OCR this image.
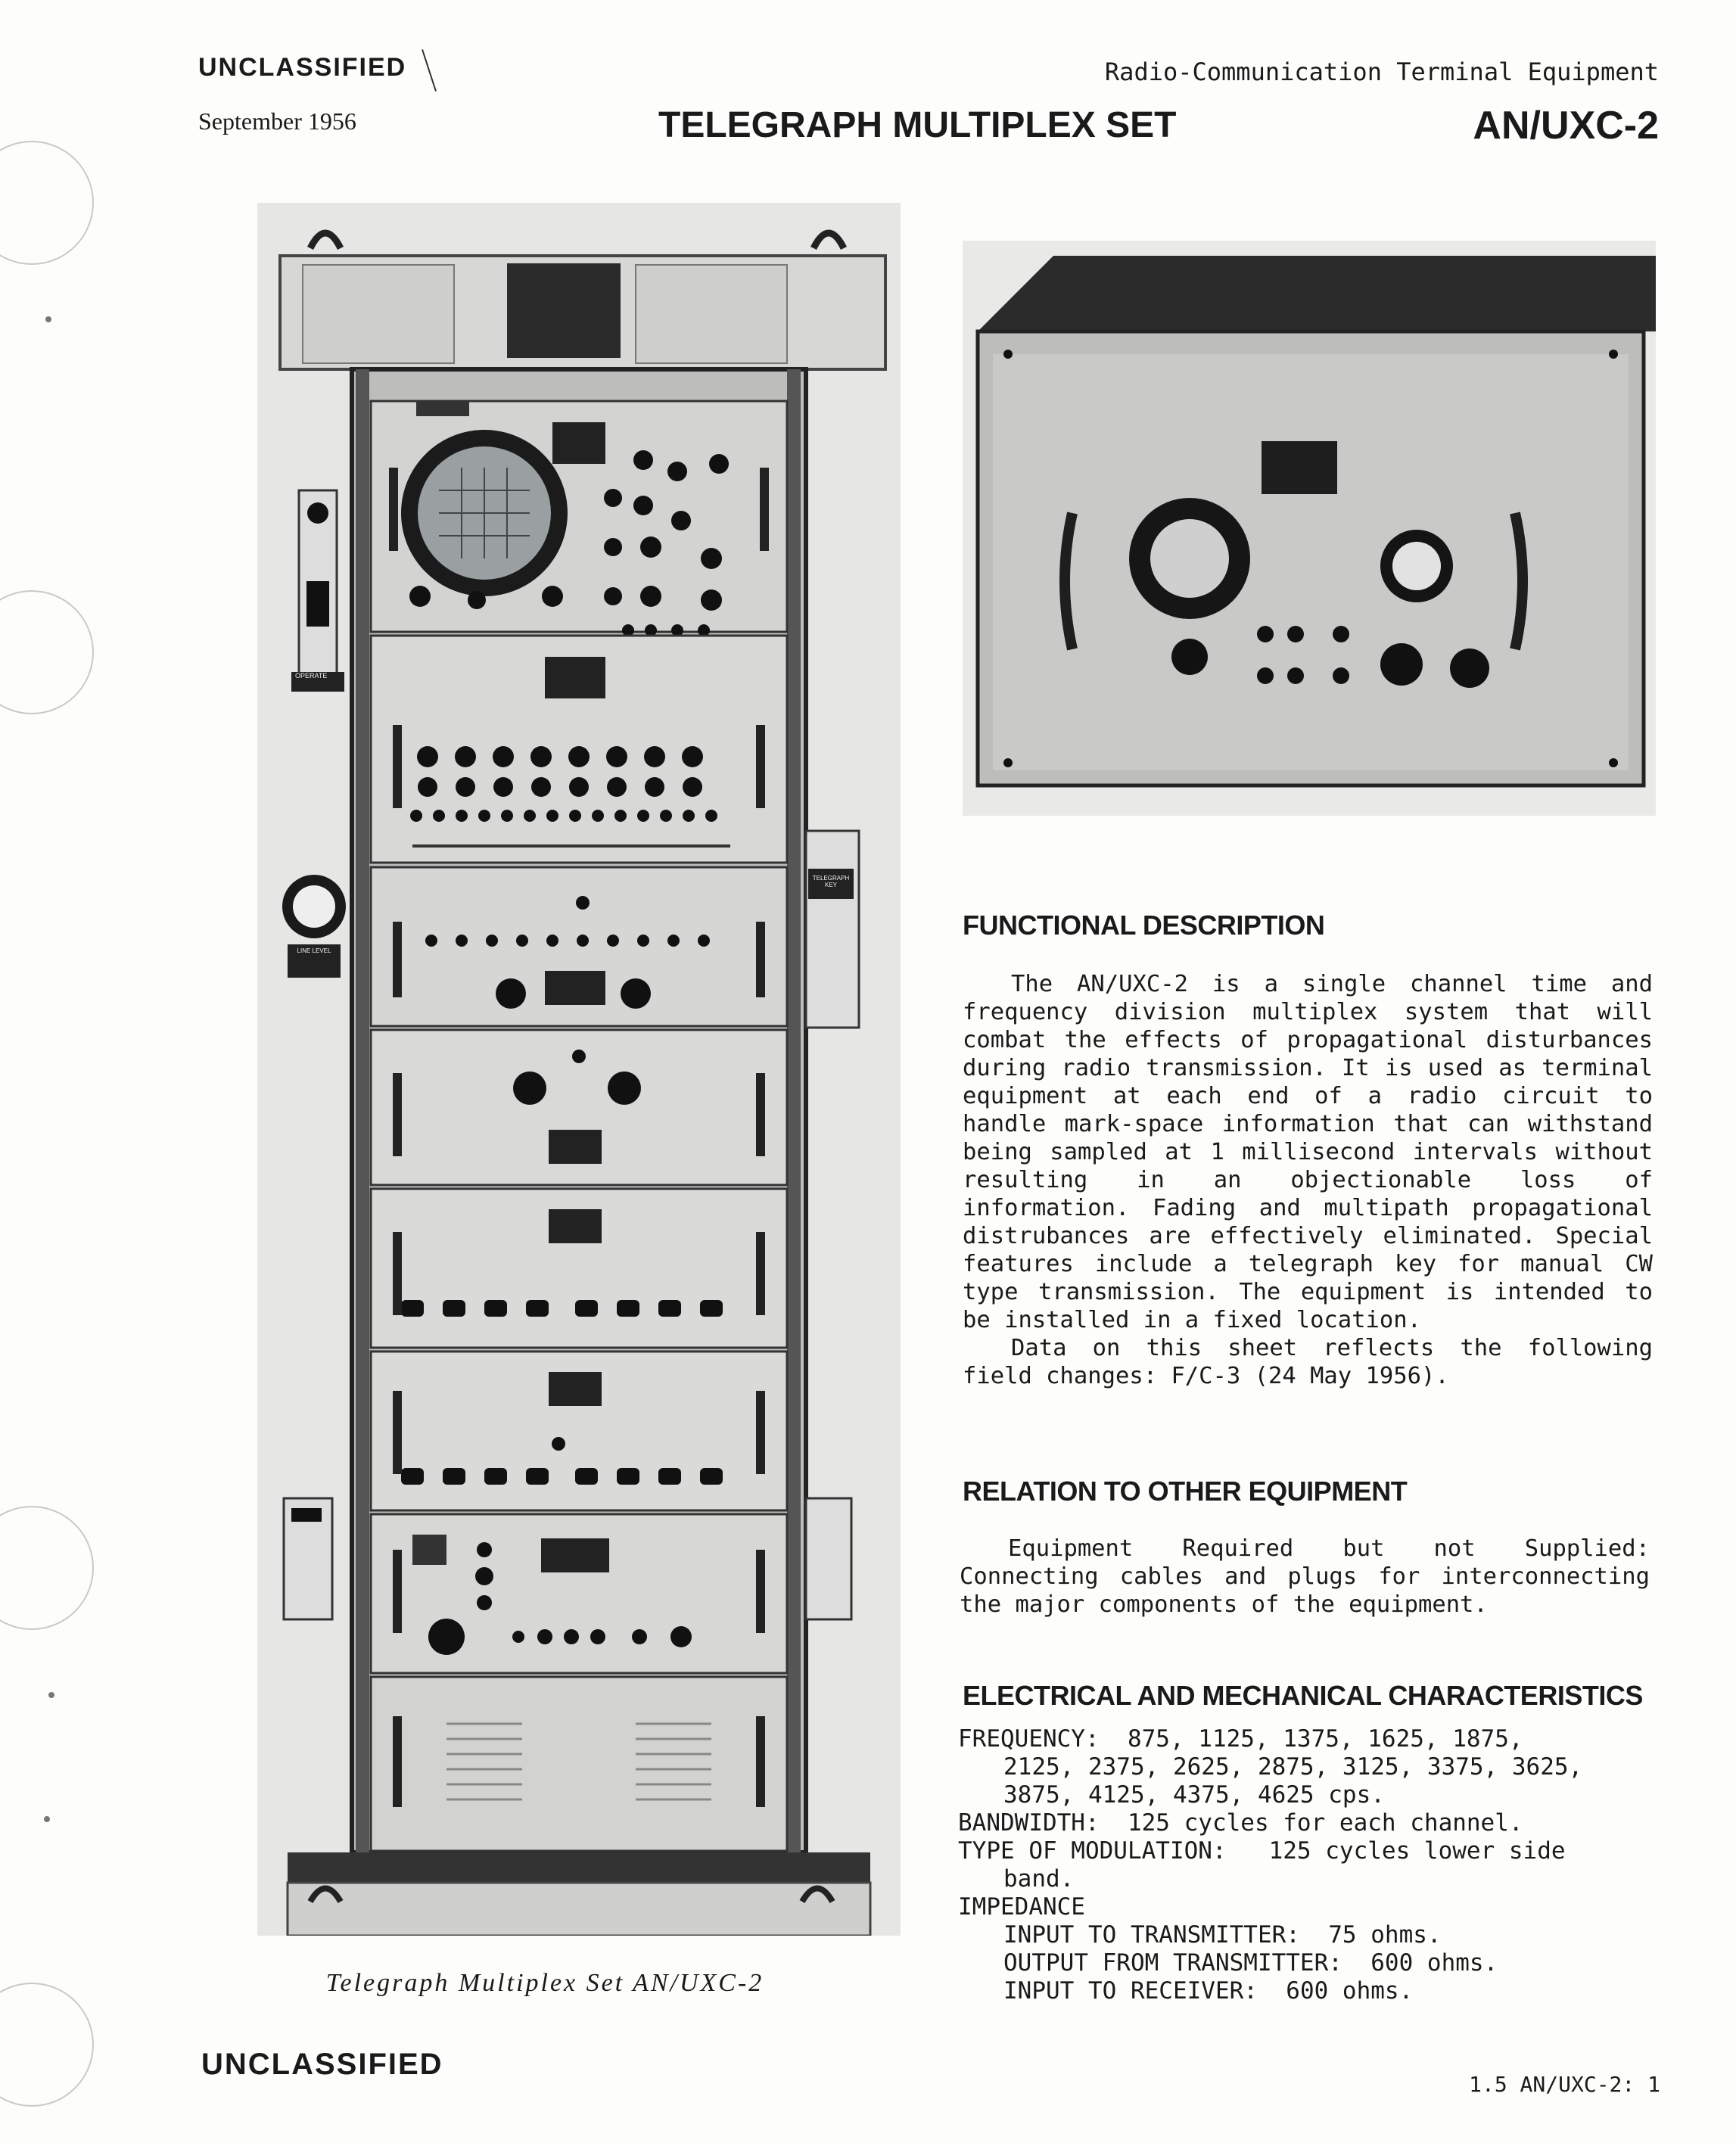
UNCLASSIFIED
September 1956
Radio-Communication Terminal Equipment
TELEGRAPH MULTIPLEX SET	AN/UXC-2
OPERATE
TELEGRAPH KEY
LINE LEVEL
Telegraph Multiplex Set AN/UXC-2
FUNCTIONAL DESCRIPTION

The AN/UXC-2 is a single channel time and frequency division multiplex system that will combat the effects of propagational disturbances during radio transmission. It is used as terminal equipment at each end of a radio circuit to handle mark-space information that can withstand being sampled at 1 millisecond intervals without resulting in an objectionable loss of information. Fading and multipath propagational distrubances are effectively eliminated. Special features include a telegraph key for manual CW type transmission. The equipment is intended to be installed in a fixed location.

Data on this sheet reflects the following field changes: F/C-3 (24 May 1956).

RELATION TO OTHER EQUIPMENT

Equipment Required but not Supplied: Connecting cables and plugs for interconnecting the major components of the equipment.

ELECTRICAL AND MECHANICAL CHARACTERISTICS
FREQUENCY: 875, 1125, 1375, 1625, 1875,
2125, 2375, 2625, 2875, 3125, 3375, 3625,
3875, 4125, 4375, 4625 cps.
BANDWIDTH: 125 cycles for each channel.
TYPE OF MODULATION: 125 cycles lower side
band.
IMPEDANCE
INPUT TO TRANSMITTER: 75 ohms.
OUTPUT FROM TRANSMITTER: 600 ohms.
INPUT TO RECEIVER: 600 ohms.
UNCLASSIFIED
1.5 AN/UXC-2: 1
